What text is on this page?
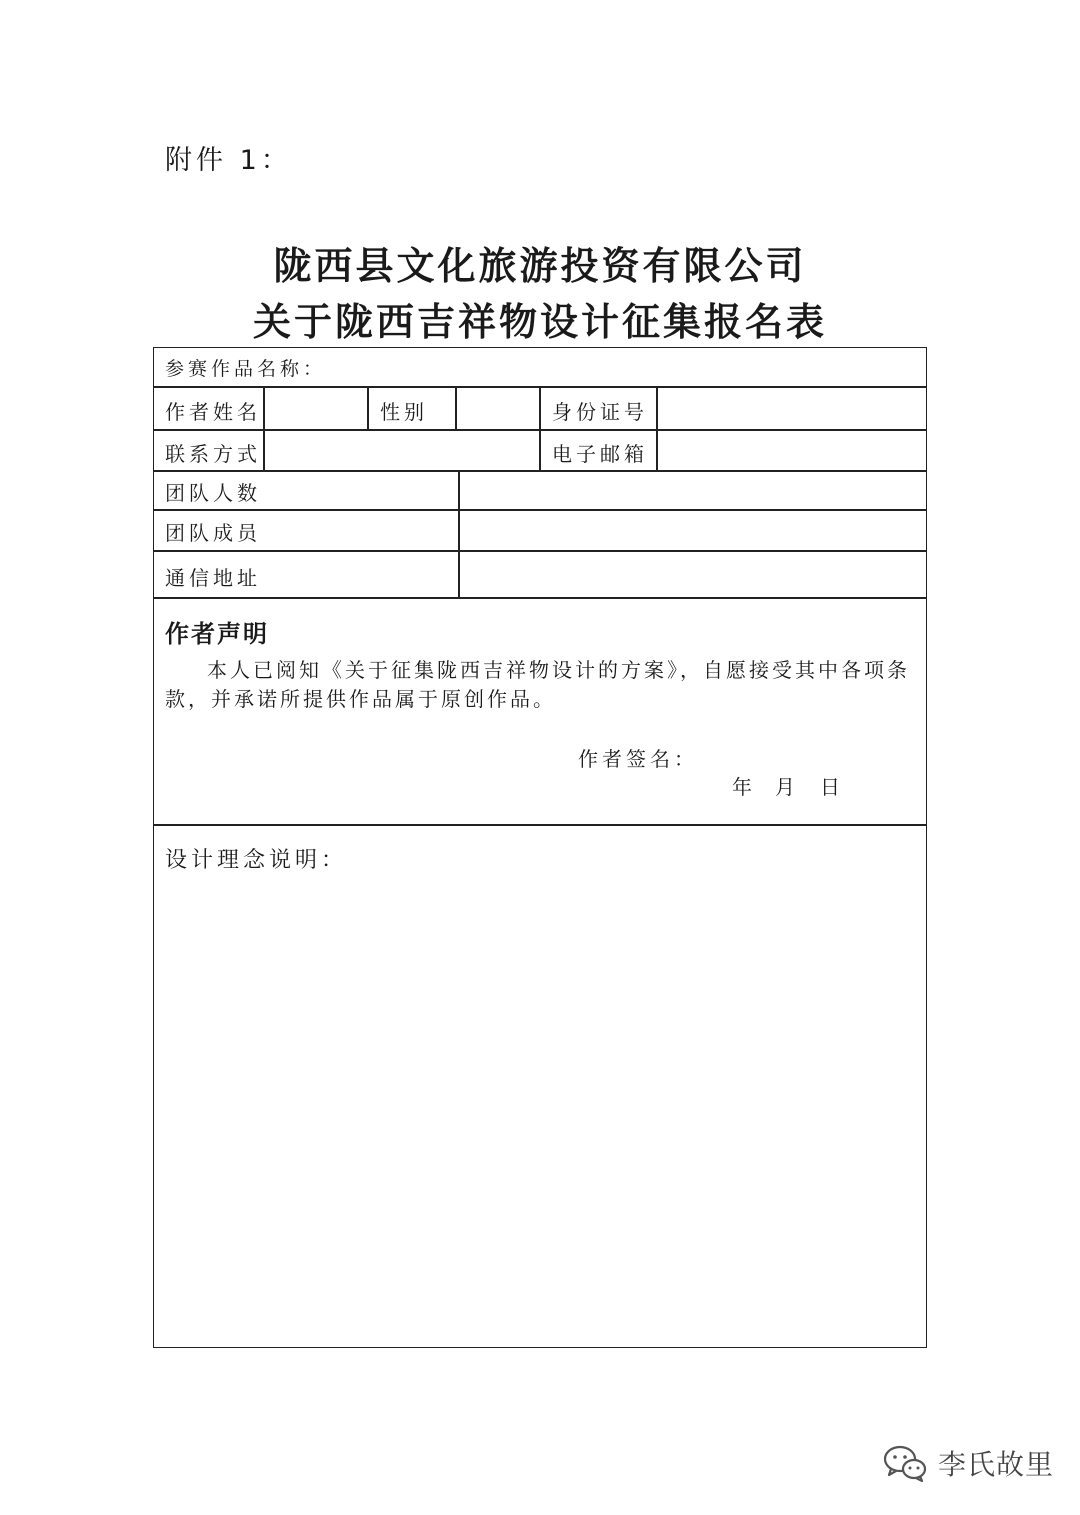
附件 1：
陇西县文化旅游投资有限公司
关于陇西吉祥物设计征集报名表
参赛作品名称：
作者姓名	性别	身份证号
联系方式	电子邮箱
团队人数
团队成员
通信地址
作者声明
本人已阅知《关于征集陇西吉祥物设计的方案》，自愿接受其中各项条款，并承诺所提供作品属于原创作品。
作者签名：
年 月 日
设计理念说明：
李氏故里
